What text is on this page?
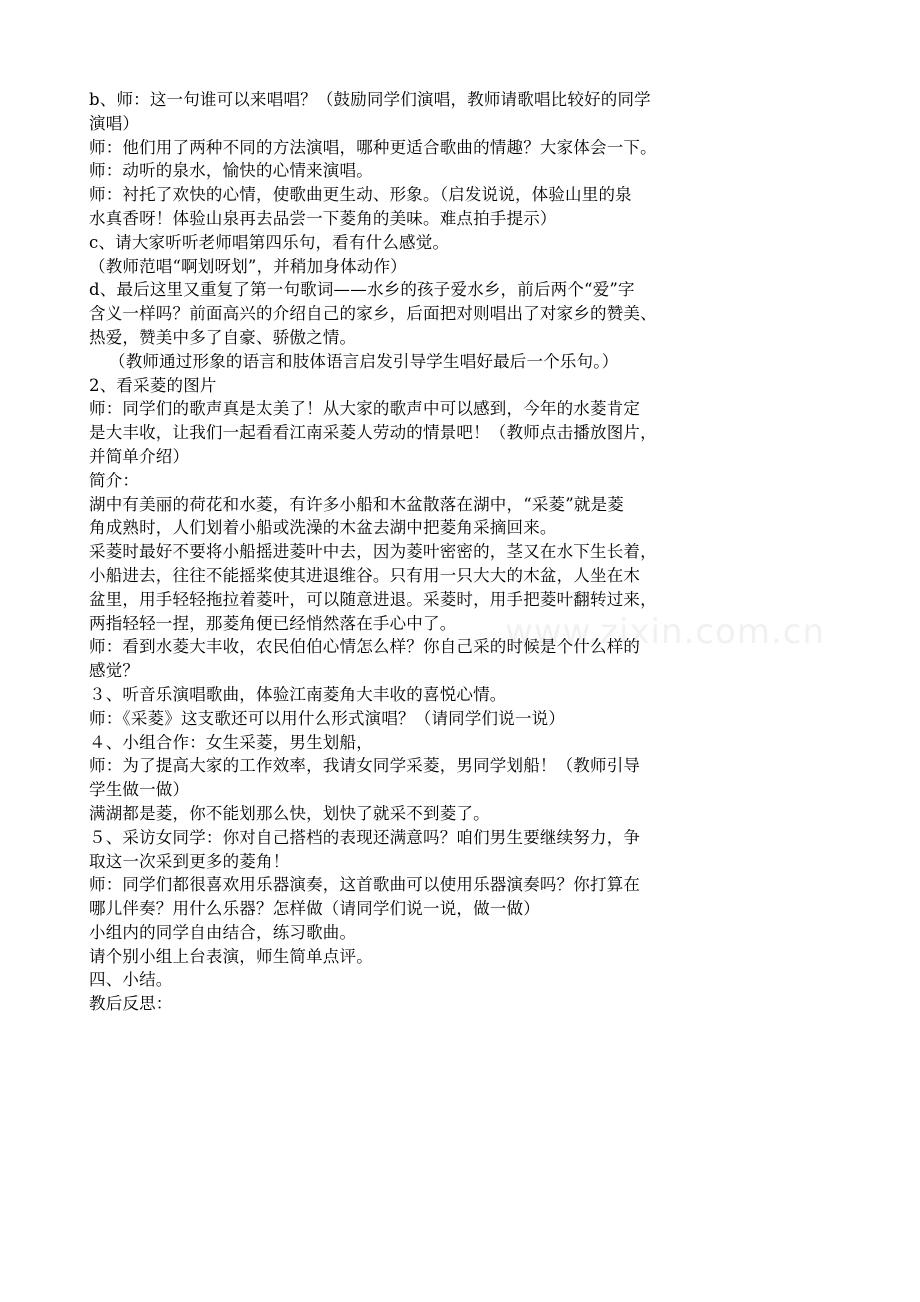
www.zixin.com.cn
b、师：这一句谁可以来唱唱？（鼓励同学们演唱，教师请歌唱比较好的同学
演唱）
师：他们用了两种不同的方法演唱，哪种更适合歌曲的情趣？大家体会一下。
师：动听的泉水，愉快的心情来演唱。
师：衬托了欢快的心情，使歌曲更生动、形象。（启发说说，体验山里的泉
水真香呀！体验山泉再去品尝一下菱角的美味。难点拍手提示）
c、请大家听听老师唱第四乐句，看有什么感觉。
（教师范唱“啊划呀划”，并稍加身体动作）
d、最后这里又重复了第一句歌词——水乡的孩子爱水乡，前后两个“爱”字
含义一样吗？前面高兴的介绍自己的家乡，后面把对则唱出了对家乡的赞美、
热爱，赞美中多了自豪、骄傲之情。
（教师通过形象的语言和肢体语言启发引导学生唱好最后一个乐句。）
2、看采菱的图片
师：同学们的歌声真是太美了！从大家的歌声中可以感到，今年的水菱肯定
是大丰收，让我们一起看看江南采菱人劳动的情景吧！（教师点击播放图片，
并简单介绍）
简介：
湖中有美丽的荷花和水菱，有许多小船和木盆散落在湖中，“采菱”就是菱
角成熟时，人们划着小船或洗澡的木盆去湖中把菱角采摘回来。
采菱时最好不要将小船摇进菱叶中去，因为菱叶密密的，茎又在水下生长着，
小船进去，往往不能摇桨使其进退维谷。只有用一只大大的木盆，人坐在木
盆里，用手轻轻拖拉着菱叶，可以随意进退。采菱时，用手把菱叶翻转过来，
两指轻轻一捏，那菱角便已经悄然落在手心中了。
师：看到水菱大丰收，农民伯伯心情怎么样？你自己采的时候是个什么样的
感觉？
３、听音乐演唱歌曲，体验江南菱角大丰收的喜悦心情。
师：《采菱》这支歌还可以用什么形式演唱？（请同学们说一说）
４、小组合作：女生采菱，男生划船，
师：为了提高大家的工作效率，我请女同学采菱，男同学划船！（教师引导
学生做一做）
满湖都是菱，你不能划那么快，划快了就采不到菱了。
５、采访女同学：你对自己搭档的表现还满意吗？咱们男生要继续努力，争
取这一次采到更多的菱角！
师：同学们都很喜欢用乐器演奏，这首歌曲可以使用乐器演奏吗？你打算在
哪儿伴奏？用什么乐器？怎样做（请同学们说一说，做一做）
小组内的同学自由结合，练习歌曲。
请个别小组上台表演，师生简单点评。
四、小结。
教后反思：
